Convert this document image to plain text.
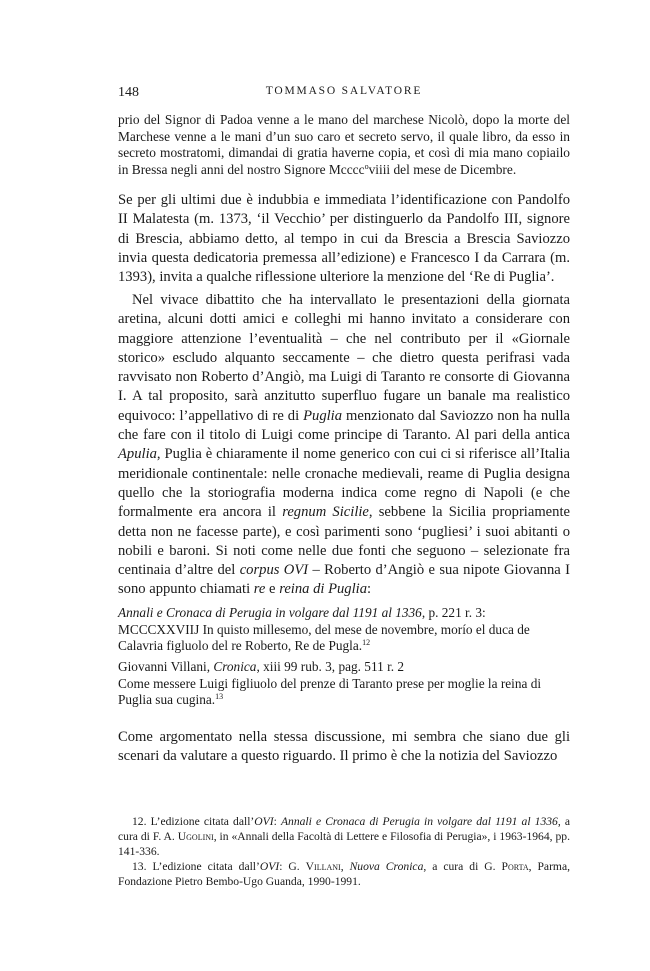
148	TOMMASO SALVATORE

prio del Signor di Padoa venne a le mano del marchese Nicolò, dopo la morte del Marchese venne a le mani d’un suo caro et secreto servo, il quale libro, da esso in secreto mostratomi, dimandai di gratia haverne copia, et così di mia mano copiailo in Bressa negli anni del nostro Signore Mcccc$^o$viiii del mese de Dicembre.

Se per gli ultimi due è indubbia e immediata l’identificazione con Pandolfo II Malatesta (m. 1373, ‘il Vecchio’ per distinguerlo da Pandolfo III, signore di Brescia, abbiamo detto, al tempo in cui da Brescia a Brescia Saviozzo invia questa dedicatoria premessa all’edizione) e Francesco I da Carrara (m. 1393), invita a qualche riflessione ulteriore la menzione del ‘Re di Puglia’.

Nel vivace dibattito che ha intervallato le presentazioni della giornata aretina, alcuni dotti amici e colleghi mi hanno invitato a considerare con maggiore attenzione l’eventualità – che nel contributo per il «Giornale storico» escludo alquanto seccamente – che dietro questa perifrasi vada ravvisato non Roberto d’Angiò, ma Luigi di Taranto re consorte di Giovanna I. A tal proposito, sarà anzitutto superfluo fugare un banale ma realistico equivoco: l’appellativo di re di Puglia menzionato dal Saviozzo non ha nulla che fare con il titolo di Luigi come principe di Taranto. Al pari della antica Apulia, Puglia è chiaramente il nome generico con cui ci si riferisce all’Italia meridionale continentale: nelle cronache medievali, reame di Puglia designa quello che la storiografia moderna indica come regno di Napoli (e che formalmente era ancora il regnum Sicilie, sebbene la Sicilia propriamente detta non ne facesse parte), e così parimenti sono ‘pugliesi’ i suoi abitanti o nobili e baroni. Si noti come nelle due fonti che seguono – selezionate fra centinaia d’altre del corpus OVI – Roberto d’Angiò e sua nipote Giovanna I sono appunto chiamati re e reina di Puglia:

Annali e Cronaca di Perugia in volgare dal 1191 al 1336, p. 221 r. 3:

MCCCXXVIIJ In quisto millesemo, del mese de novembre, morío el duca de Calavria figluolo del re Roberto, Re de Pugla.$^{12}$

Giovanni Villani, Cronica, xiii 99 rub. 3, pag. 511 r. 2

Come messere Luigi figliuolo del prenze di Taranto prese per moglie la reina di Puglia sua cugina.$^{13}$

Come argomentato nella stessa discussione, mi sembra che siano due gli scenari da valutare a questo riguardo. Il primo è che la notizia del Saviozzo

12. L’edizione citata dall’OVI: Annali e Cronaca di Perugia in volgare dal 1191 al 1336, a cura di F. A. Ugolini, in «Annali della Facoltà di Lettere e Filosofia di Perugia», i 1963-1964, pp. 141-336.

13. L’edizione citata dall’OVI: G. Villani, Nuova Cronica, a cura di G. Porta, Parma, Fondazione Pietro Bembo-Ugo Guanda, 1990-1991.
